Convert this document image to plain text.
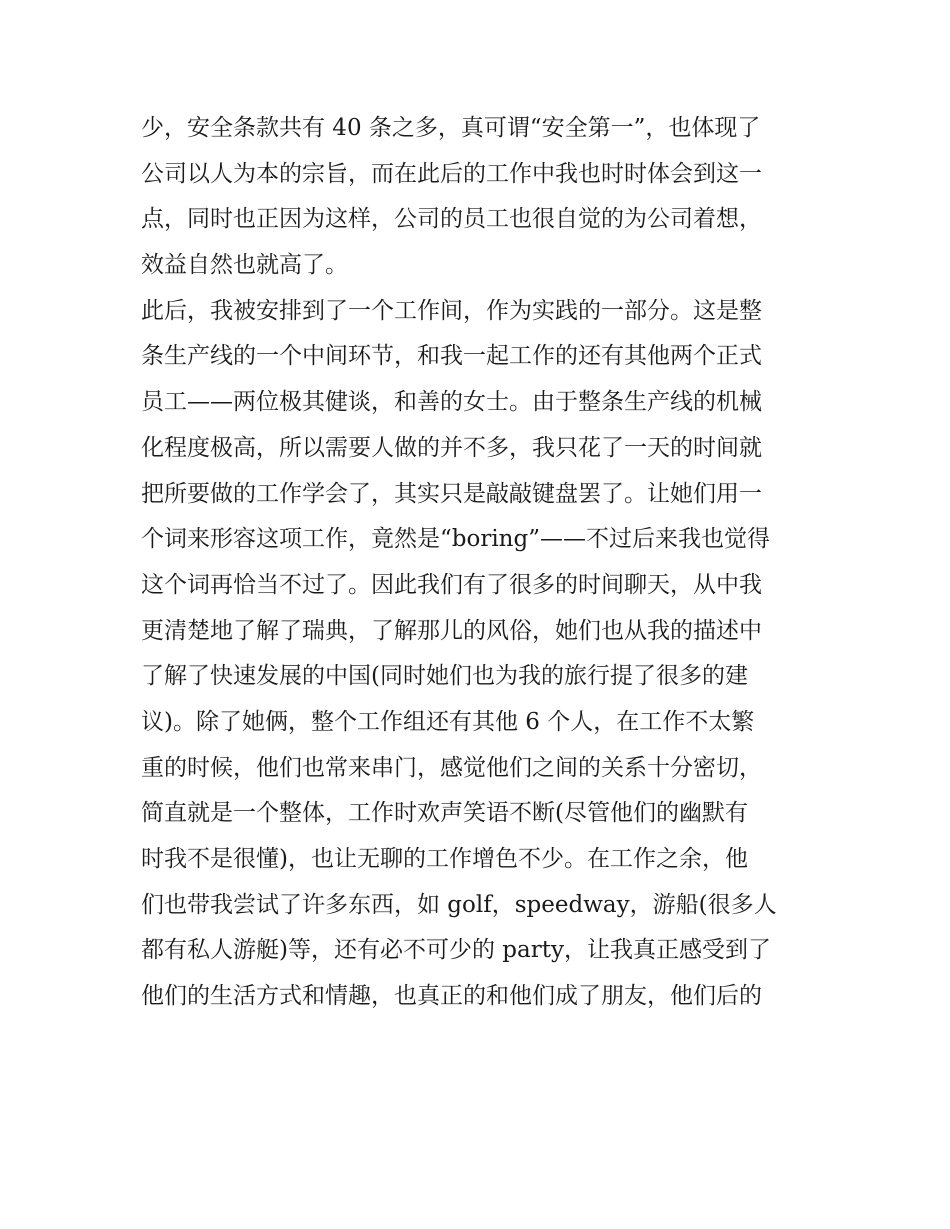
少，安全条款共有 40 条之多，真可谓“安全第一”，也体现了
公司以人为本的宗旨，而在此后的工作中我也时时体会到这一
点，同时也正因为这样，公司的员工也很自觉的为公司着想，
效益自然也就高了。
此后，我被安排到了一个工作间，作为实践的一部分。这是整
条生产线的一个中间环节，和我一起工作的还有其他两个正式
员工——两位极其健谈，和善的女士。由于整条生产线的机械
化程度极高，所以需要人做的并不多，我只花了一天的时间就
把所要做的工作学会了，其实只是敲敲键盘罢了。让她们用一
个词来形容这项工作，竟然是“boring”——不过后来我也觉得
这个词再恰当不过了。因此我们有了很多的时间聊天，从中我
更清楚地了解了瑞典，了解那儿的风俗，她们也从我的描述中
了解了快速发展的中国(同时她们也为我的旅行提了很多的建
议)。除了她俩，整个工作组还有其他 6 个人，在工作不太繁
重的时候，他们也常来串门，感觉他们之间的关系十分密切，
简直就是一个整体，工作时欢声笑语不断(尽管他们的幽默有
时我不是很懂)，也让无聊的工作增色不少。在工作之余，他
们也带我尝试了许多东西，如 golf，speedway，游船(很多人
都有私人游艇)等，还有必不可少的 party，让我真正感受到了
他们的生活方式和情趣，也真正的和他们成了朋友，他们后的
